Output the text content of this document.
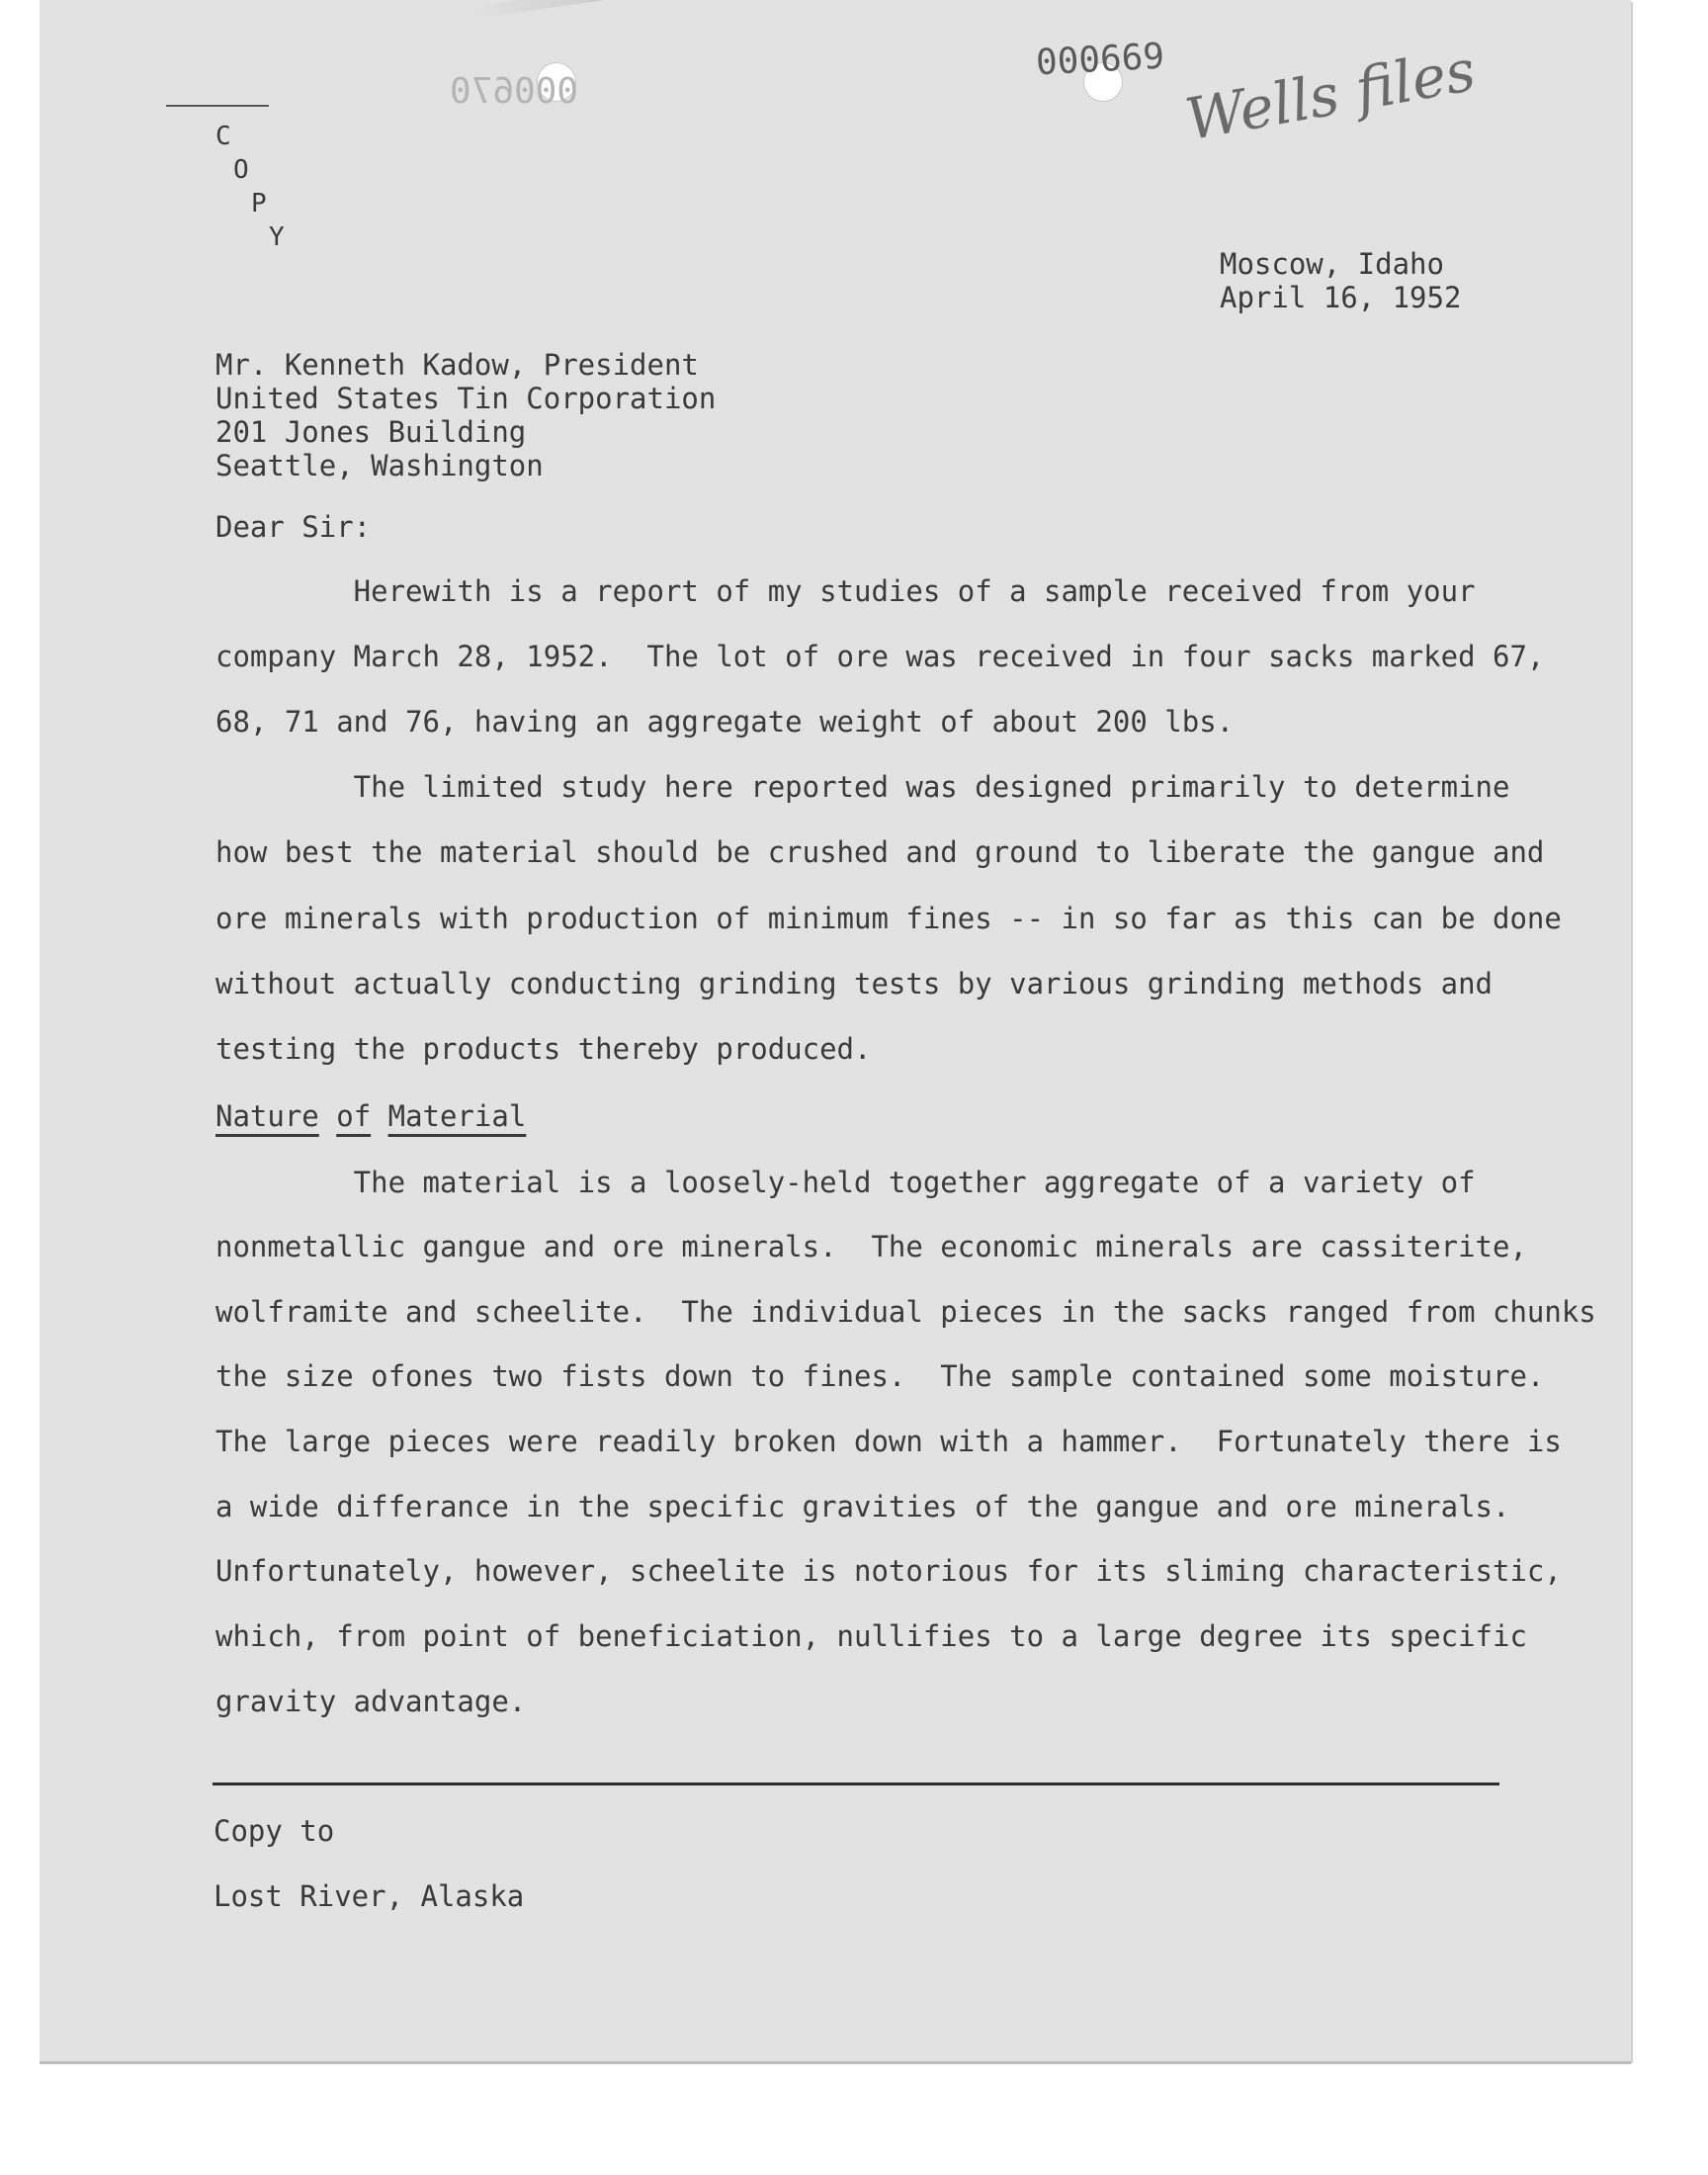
000670
000669 Wells files
C
O
P
Y
Moscow, Idaho
April 16, 1952
Mr. Kenneth Kadow, President
United States Tin Corporation
201 Jones Building
Seattle, Washington
Dear Sir:
Herewith is a report of my studies of a sample received from your
company March 28, 1952.  The lot of ore was received in four sacks marked 67,
68, 71 and 76, having an aggregate weight of about 200 lbs.
The limited study here reported was designed primarily to determine
how best the material should be crushed and ground to liberate the gangue and
ore minerals with production of minimum fines -- in so far as this can be done
without actually conducting grinding tests by various grinding methods and
testing the products thereby produced.
Nature of Material
The material is a loosely-held together aggregate of a variety of
nonmetallic gangue and ore minerals.  The economic minerals are cassiterite,
wolframite and scheelite.  The individual pieces in the sacks ranged from chunks
the size ofones two fists down to fines.  The sample contained some moisture.
The large pieces were readily broken down with a hammer.  Fortunately there is
a wide differance in the specific gravities of the gangue and ore minerals.
Unfortunately, however, scheelite is notorious for its sliming characteristic,
which, from point of beneficiation, nullifies to a large degree its specific
gravity advantage.
Copy to
Lost River, Alaska
